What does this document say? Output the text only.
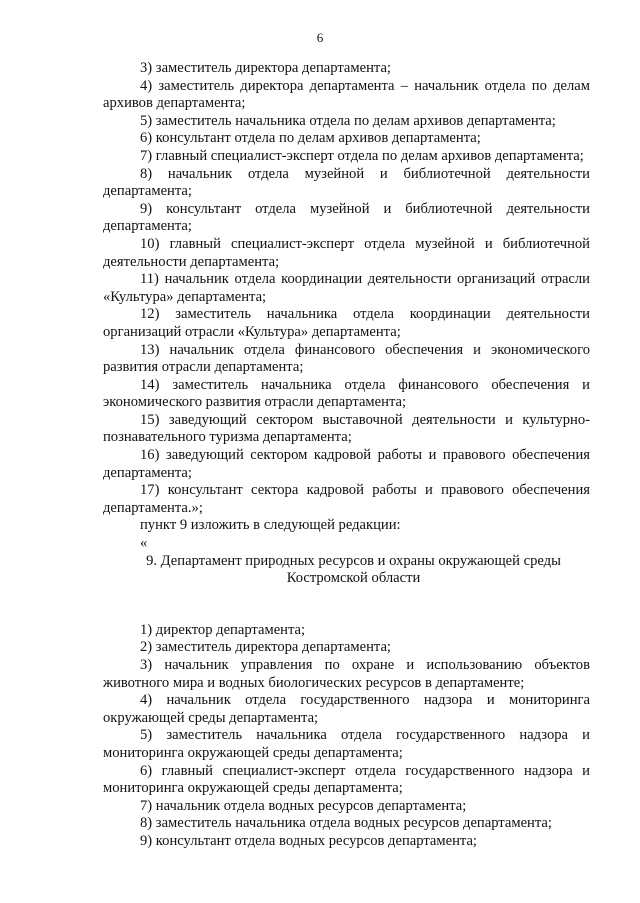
6

3) заместитель директора департамента;

4) заместитель директора департамента – начальник отдела по делам архивов департамента;

5) заместитель начальника отдела по делам архивов департамента;

6) консультант отдела по делам архивов департамента;

7) главный специалист-эксперт отдела по делам архивов департамента;

8) начальник отдела музейной и библиотечной деятельности департамента;

9) консультант отдела музейной и библиотечной деятельности департамента;

10) главный специалист-эксперт отдела музейной и библиотечной деятельности департамента;

11) начальник отдела координации деятельности организаций отрасли «Культура» департамента;

12) заместитель начальника отдела координации деятельности организаций отрасли «Культура» департамента;

13) начальник отдела финансового обеспечения и экономического развития отрасли департамента;

14) заместитель начальника отдела финансового обеспечения и экономического развития отрасли департамента;

15) заведующий сектором выставочной деятельности и культурно-познавательного туризма департамента;

16) заведующий сектором кадровой работы и правового обеспечения департамента;

17) консультант сектора кадровой работы и правового обеспечения департамента.»;

пункт 9 изложить в следующей редакции:

«

9. Департамент природных ресурсов и охраны окружающей среды
Костромской области

1) директор департамента;

2) заместитель директора департамента;

3) начальник управления по охране и использованию объектов животного мира и водных биологических ресурсов в департаменте;

4) начальник отдела государственного надзора и мониторинга окружающей среды департамента;

5) заместитель начальника отдела государственного надзора и мониторинга окружающей среды департамента;

6) главный специалист-эксперт отдела государственного надзора и мониторинга окружающей среды департамента;

7) начальник отдела водных ресурсов департамента;

8) заместитель начальника отдела водных ресурсов департамента;

9) консультант отдела водных ресурсов департамента;
